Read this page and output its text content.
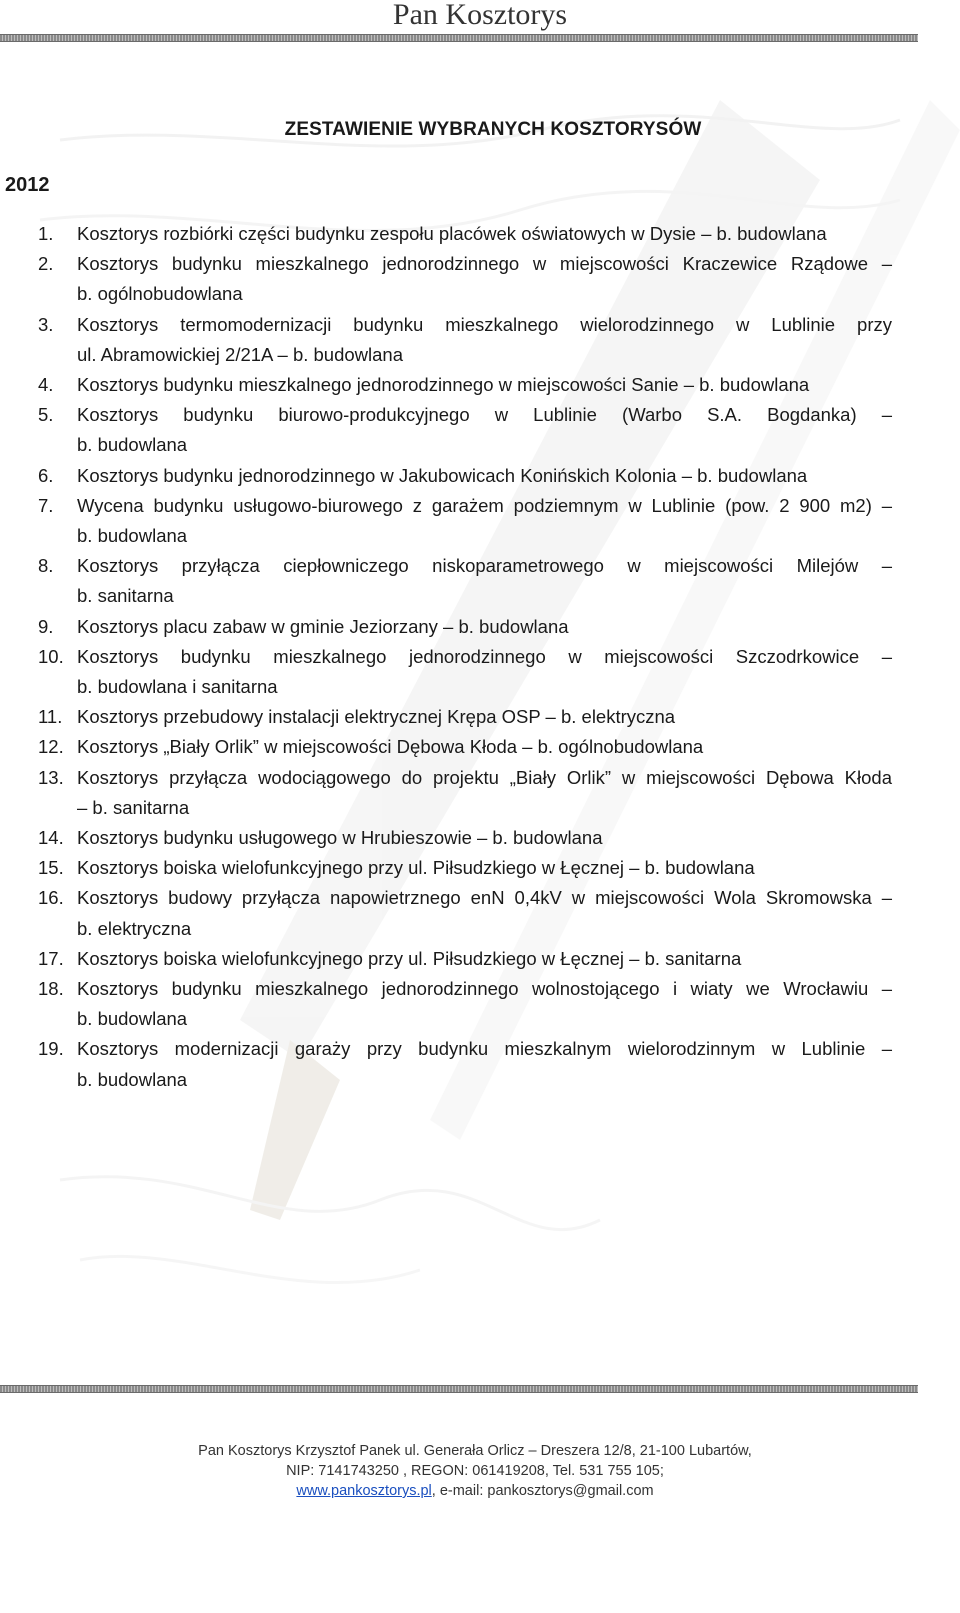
Pan Kosztorys
ZESTAWIENIE WYBRANYCH KOSZTORYSÓW
2012
1. Kosztorys rozbiórki części budynku zespołu placówek oświatowych w Dysie – b. budowlana
2. Kosztorys budynku mieszkalnego jednorodzinnego w miejscowości Kraczewice Rządowe –
b. ogólnobudowlana
3. Kosztorys termomodernizacji budynku mieszkalnego wielorodzinnego w Lublinie przy
ul. Abramowickiej 2/21A – b. budowlana
4. Kosztorys budynku mieszkalnego jednorodzinnego w miejscowości Sanie – b. budowlana
5. Kosztorys budynku biurowo-produkcyjnego w Lublinie (Warbo S.A. Bogdanka) –
b. budowlana
6. Kosztorys budynku jednorodzinnego w Jakubowicach Konińskich Kolonia – b. budowlana
7. Wycena budynku usługowo-biurowego z garażem podziemnym w Lublinie (pow. 2 900 m2) –
b. budowlana
8. Kosztorys przyłącza ciepłowniczego niskoparametrowego w miejscowości Milejów –
b. sanitarna
9. Kosztorys placu zabaw w gminie Jeziorzany – b. budowlana
10. Kosztorys budynku mieszkalnego jednorodzinnego w miejscowości Szczodrkowice –
b. budowlana i sanitarna
11. Kosztorys przebudowy instalacji elektrycznej Krępa OSP – b. elektryczna
12. Kosztorys „Biały Orlik” w miejscowości Dębowa Kłoda – b. ogólnobudowlana
13. Kosztorys przyłącza wodociągowego do projektu „Biały Orlik” w miejscowości Dębowa Kłoda
– b. sanitarna
14. Kosztorys budynku usługowego w Hrubieszowie – b. budowlana
15. Kosztorys boiska wielofunkcyjnego przy ul. Piłsudzkiego w Łęcznej – b. budowlana
16. Kosztorys budowy przyłącza napowietrznego enN 0,4kV w miejscowości Wola Skromowska –
b. elektryczna
17. Kosztorys boiska wielofunkcyjnego przy ul. Piłsudzkiego w Łęcznej – b. sanitarna
18. Kosztorys budynku mieszkalnego jednorodzinnego wolnostojącego i wiaty we Wrocławiu –
b. budowlana
19. Kosztorys modernizacji garaży przy budynku mieszkalnym wielorodzinnym w Lublinie –
b. budowlana
Pan Kosztorys Krzysztof Panek ul. Generała Orlicz – Dreszera 12/8, 21-100 Lubartów,
NIP: 7141743250 , REGON: 061419208, Tel. 531 755 105;
www.pankosztorys.pl, e-mail: pankosztorys@gmail.com
